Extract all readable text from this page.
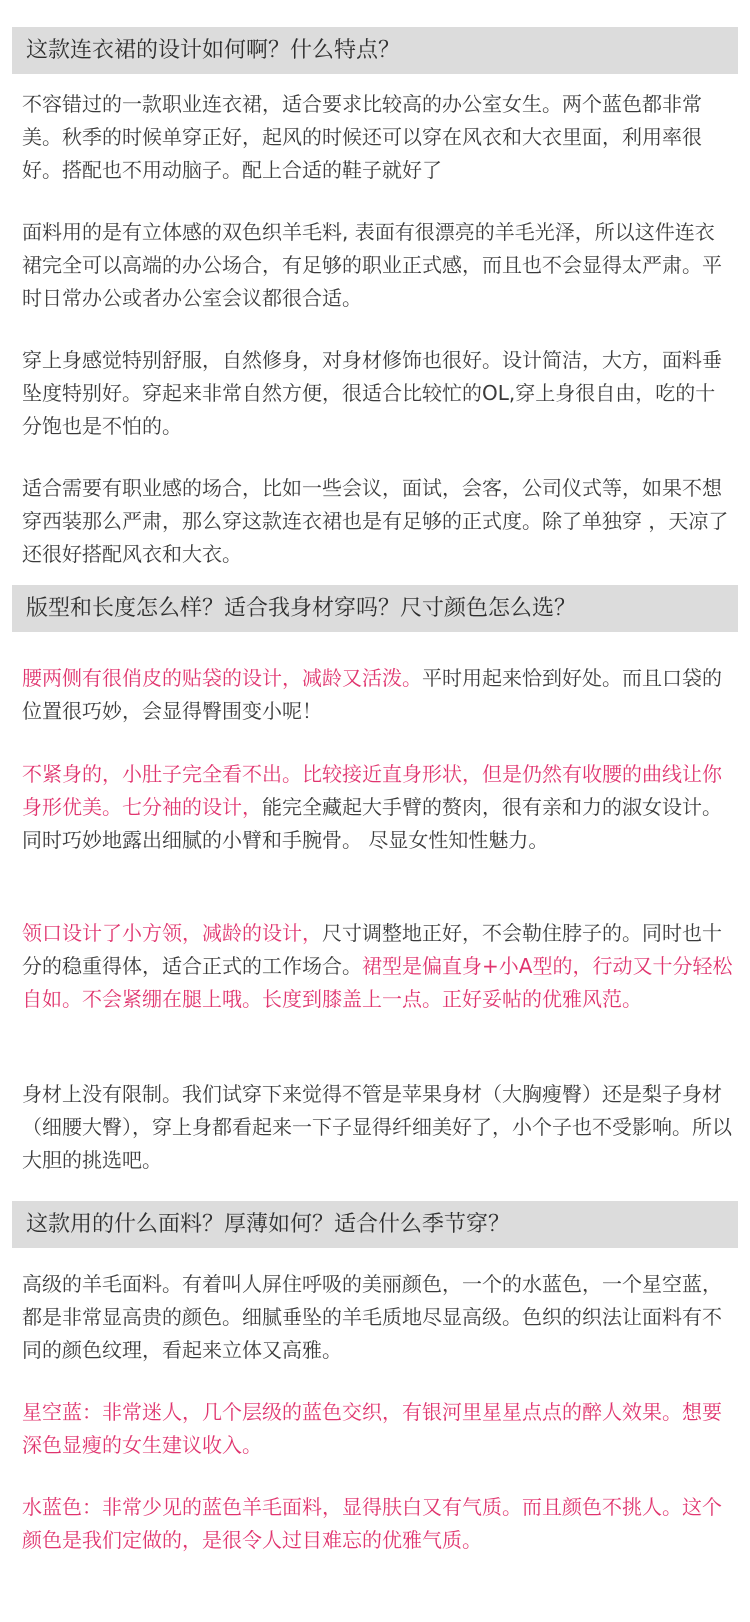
这款连衣裙的设计如何啊？什么特点？

不容错过的一款职业连衣裙，适合要求比较高的办公室女生。两个蓝色都非常美。秋季的时候单穿正好，起风的时候还可以穿在风衣和大衣里面，利用率很好。搭配也不用动脑子。配上合适的鞋子就好了

面料用的是有立体感的双色织羊毛料, 表面有很漂亮的羊毛光泽，所以这件连衣裙完全可以高端的办公场合，有足够的职业正式感，而且也不会显得太严肃。平时日常办公或者办公室会议都很合适。

穿上身感觉特别舒服，自然修身，对身材修饰也很好。设计简洁，大方，面料垂坠度特别好。穿起来非常自然方便，很适合比较忙的OL,穿上身很自由，吃的十分饱也是不怕的。

适合需要有职业感的场合，比如一些会议，面试，会客，公司仪式等，如果不想穿西装那么严肃，那么穿这款连衣裙也是有足够的正式度。除了单独穿 ，天凉了还很好搭配风衣和大衣。

版型和长度怎么样？适合我身材穿吗？尺寸颜色怎么选？

腰两侧有很俏皮的贴袋的设计，减龄又活泼。平时用起来恰到好处。而且口袋的位置很巧妙，会显得臀围变小呢！

不紧身的，小肚子完全看不出。比较接近直身形状，但是仍然有收腰的曲线让你身形优美。七分袖的设计，能完全藏起大手臂的赘肉，很有亲和力的淑女设计。同时巧妙地露出细腻的小臂和手腕骨。 尽显女性知性魅力。

领口设计了小方领，减龄的设计，尺寸调整地正好，不会勒住脖子的。同时也十分的稳重得体，适合正式的工作场合。裙型是偏直身+小A型的，行动又十分轻松自如。不会紧绷在腿上哦。长度到膝盖上一点。正好妥帖的优雅风范。

身材上没有限制。我们试穿下来觉得不管是苹果身材（大胸瘦臀）还是梨子身材（细腰大臀），穿上身都看起来一下子显得纤细美好了，小个子也不受影响。所以大胆的挑选吧。

这款用的什么面料？厚薄如何？适合什么季节穿？

高级的羊毛面料。有着叫人屏住呼吸的美丽颜色，一个的水蓝色，一个星空蓝，都是非常显高贵的颜色。细腻垂坠的羊毛质地尽显高级。色织的织法让面料有不同的颜色纹理，看起来立体又高雅。

星空蓝：非常迷人，几个层级的蓝色交织，有银河里星星点点的醉人效果。想要深色显瘦的女生建议收入。

水蓝色：非常少见的蓝色羊毛面料，显得肤白又有气质。而且颜色不挑人。这个颜色是我们定做的，是很令人过目难忘的优雅气质。
